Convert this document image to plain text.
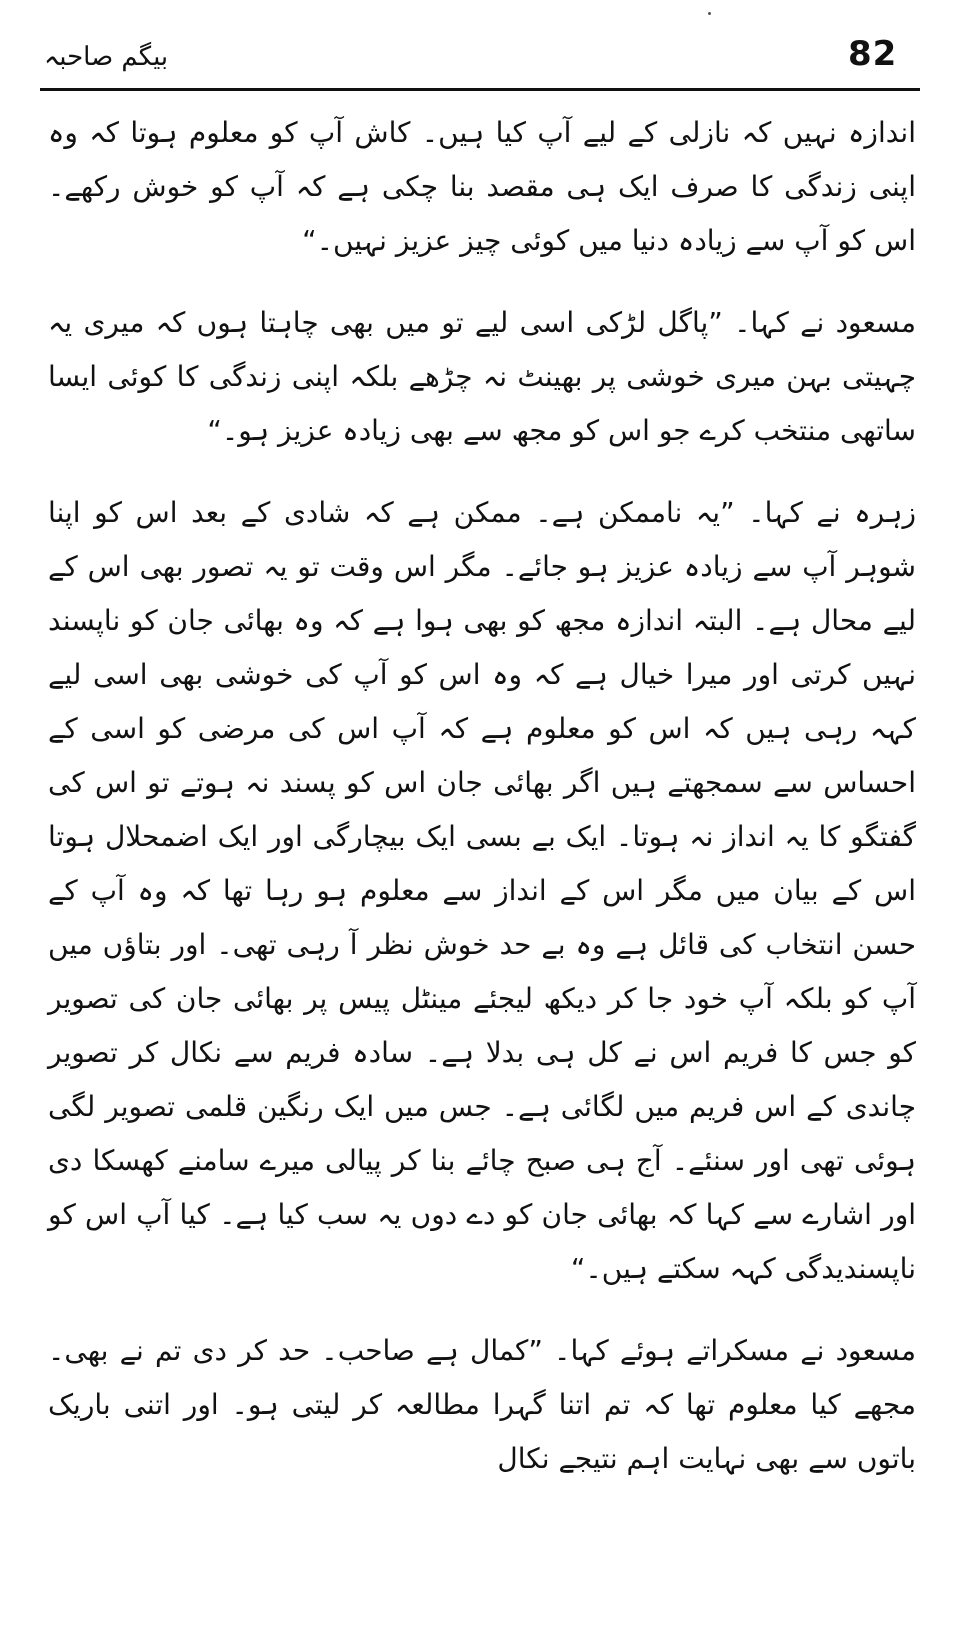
بیگم صاحبہ	82

اندازہ نہیں کہ نازلی کے لیے آپ کیا ہیں۔ کاش آپ کو معلوم ہوتا کہ وہ اپنی زندگی کا صرف ایک ہی مقصد بنا چکی ہے کہ آپ کو خوش رکھے۔ اس کو آپ سے زیادہ دنیا میں کوئی چیز عزیز نہیں۔“

مسعود نے کہا۔ ”پاگل لڑکی اسی لیے تو میں بھی چاہتا ہوں کہ میری یہ چہیتی بہن میری خوشی پر بھینٹ نہ چڑھے بلکہ اپنی زندگی کا کوئی ایسا ساتھی منتخب کرے جو اس کو مجھ سے بھی زیادہ عزیز ہو۔“

زہرہ نے کہا۔ ”یہ ناممکن ہے۔ ممکن ہے کہ شادی کے بعد اس کو اپنا شوہر آپ سے زیادہ عزیز ہو جائے۔ مگر اس وقت تو یہ تصور بھی اس کے لیے محال ہے۔ البتہ اندازہ مجھ کو بھی ہوا ہے کہ وہ بھائی جان کو ناپسند نہیں کرتی اور میرا خیال ہے کہ وہ اس کو آپ کی خوشی بھی اسی لیے کہہ رہی ہیں کہ اس کو معلوم ہے کہ آپ اس کی مرضی کو اسی کے احساس سے سمجھتے ہیں اگر بھائی جان اس کو پسند نہ ہوتے تو اس کی گفتگو کا یہ انداز نہ ہوتا۔ ایک بے بسی ایک بیچارگی اور ایک اضمحلال ہوتا اس کے بیان میں مگر اس کے انداز سے معلوم ہو رہا تھا کہ وہ آپ کے حسن انتخاب کی قائل ہے وہ بے حد خوش نظر آ رہی تھی۔ اور بتاؤں میں آپ کو بلکہ آپ خود جا کر دیکھ لیجئے مینٹل پیس پر بھائی جان کی تصویر کو جس کا فریم اس نے کل ہی بدلا ہے۔ سادہ فریم سے نکال کر تصویر چاندی کے اس فریم میں لگائی ہے۔ جس میں ایک رنگین قلمی تصویر لگی ہوئی تھی اور سنئے۔ آج ہی صبح چائے بنا کر پیالی میرے سامنے کھسکا دی اور اشارے سے کہا کہ بھائی جان کو دے دوں یہ سب کیا ہے۔ کیا آپ اس کو ناپسندیدگی کہہ سکتے ہیں۔“

مسعود نے مسکراتے ہوئے کہا۔ ”کمال ہے صاحب۔ حد کر دی تم نے بھی۔ مجھے کیا معلوم تھا کہ تم اتنا گہرا مطالعہ کر لیتی ہو۔ اور اتنی باریک باتوں سے بھی نہایت اہم نتیجے نکال
